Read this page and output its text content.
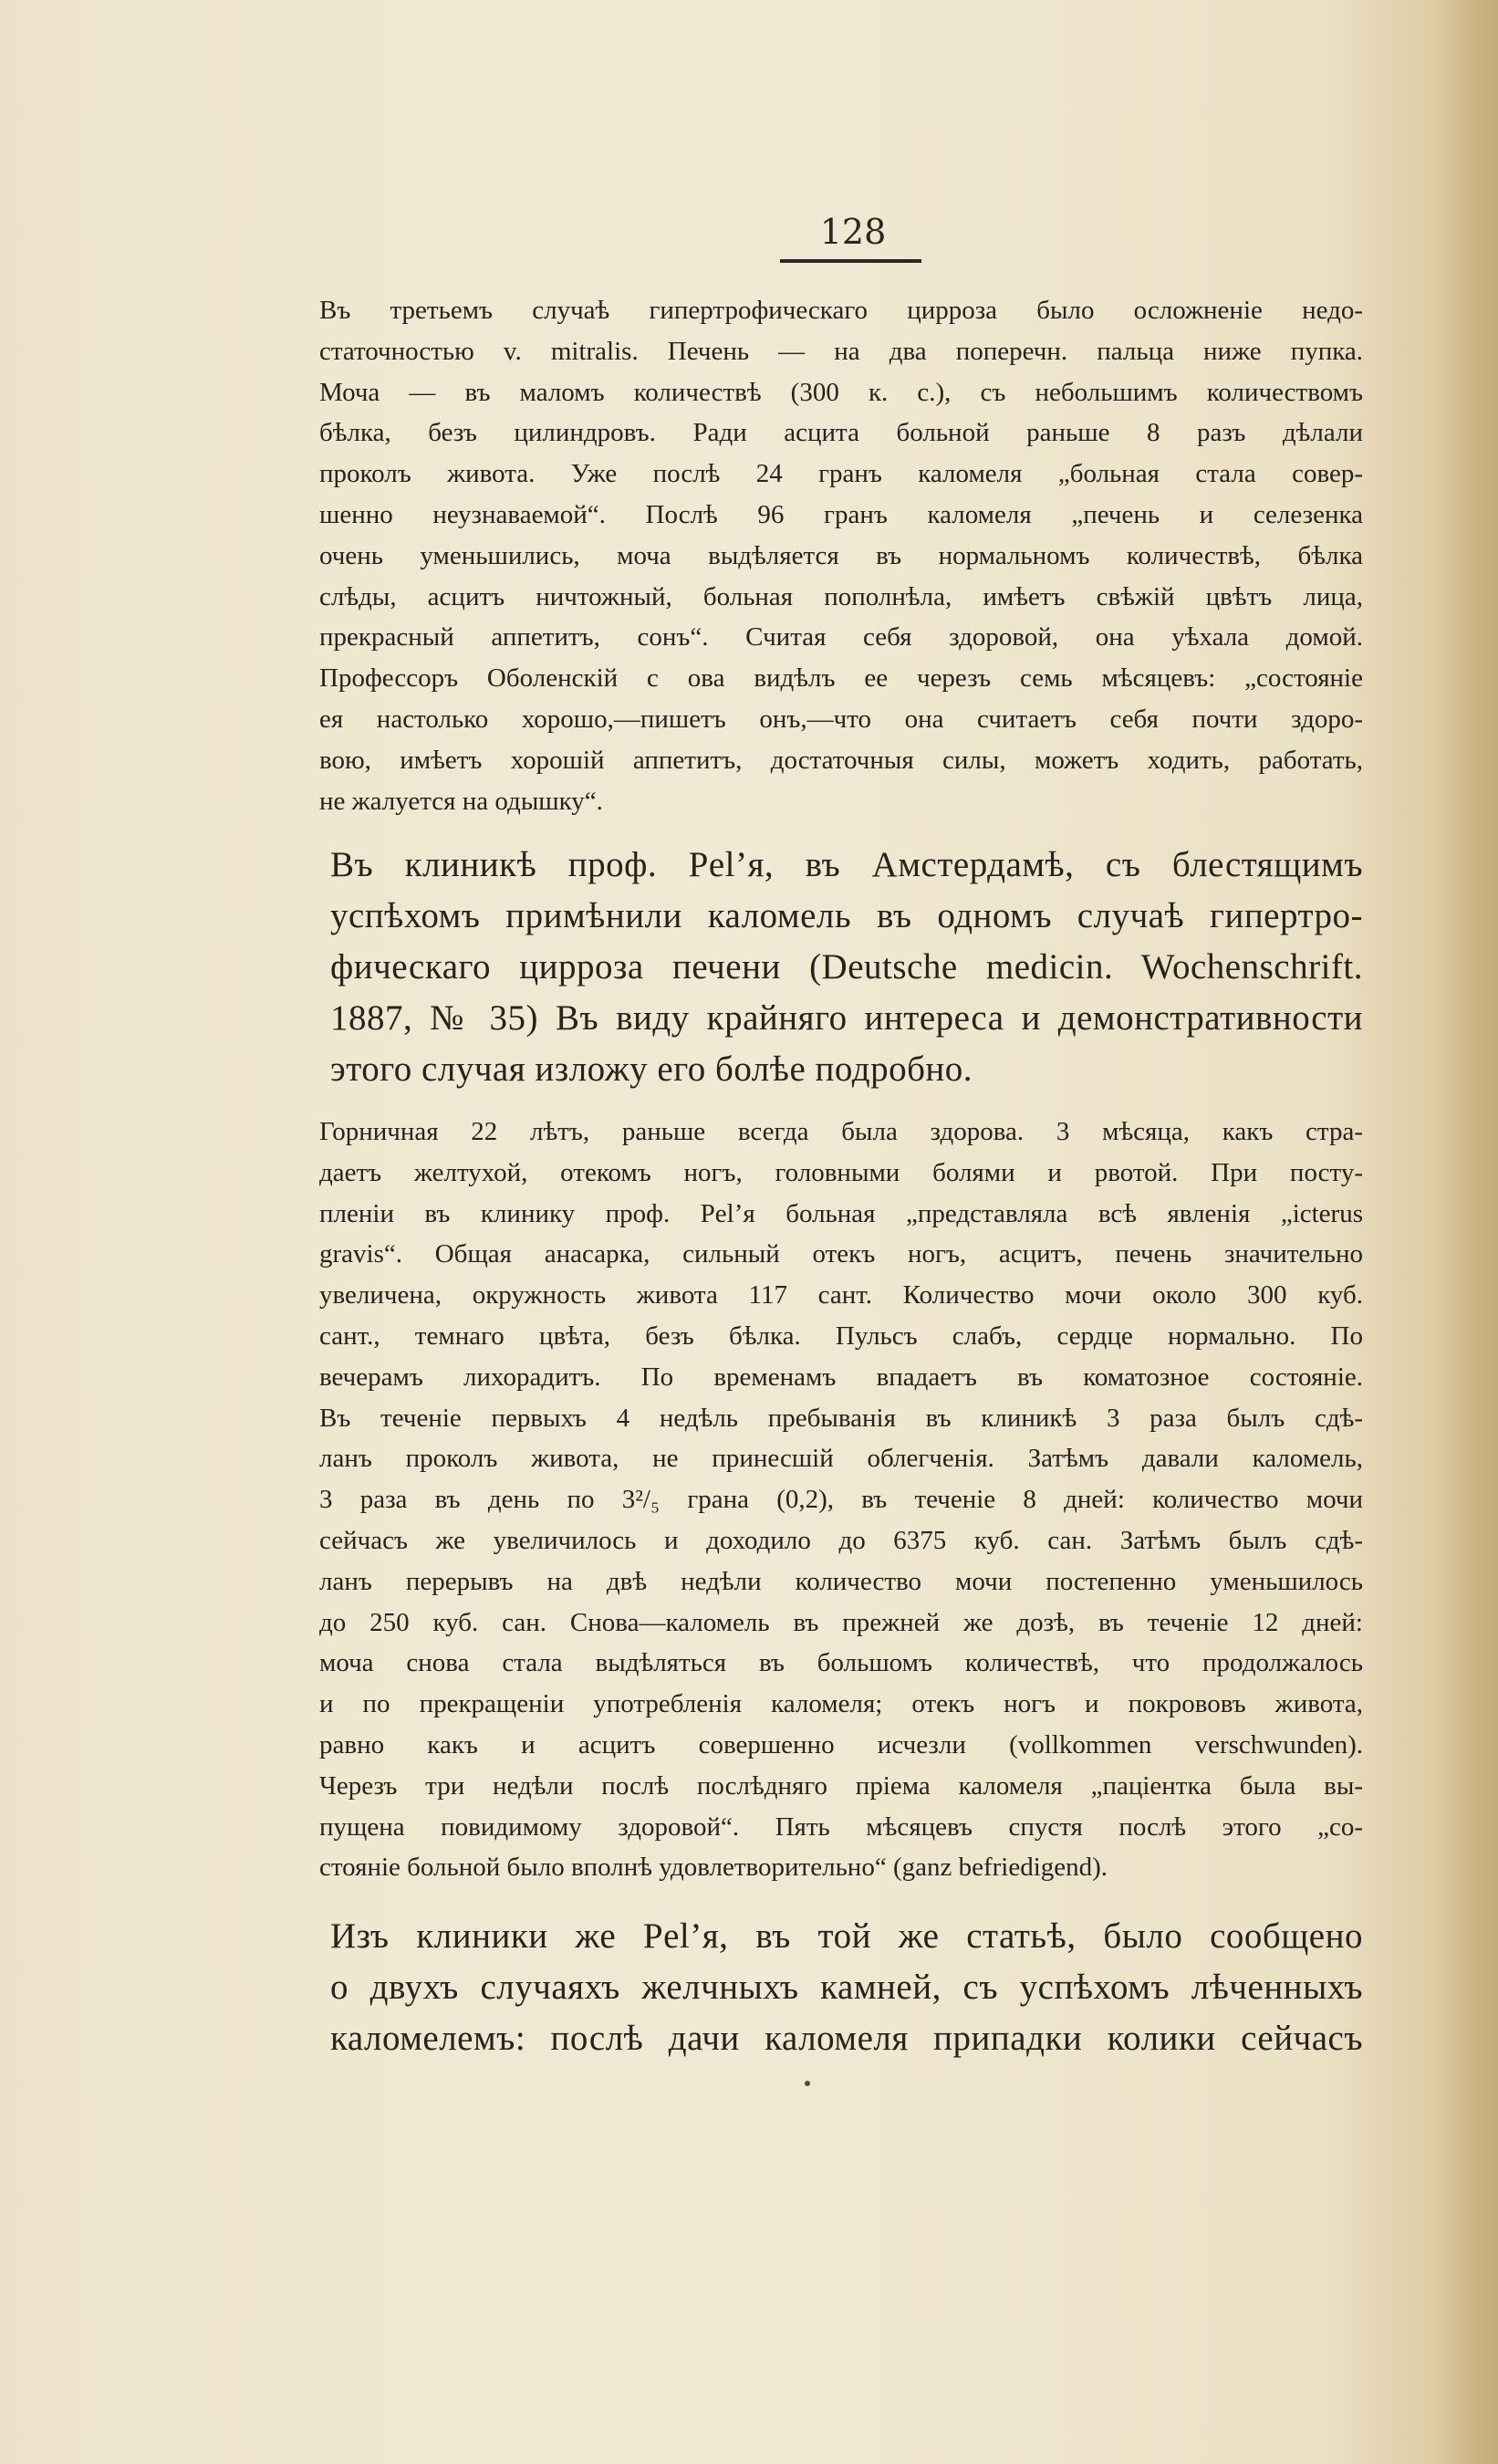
128
Въ третьемъ случаѣ гипертрофическаго цирроза было осложненіе недо-
статочностью v. mitralis. Печень — на два поперечн. пальца ниже пупка.
Моча — въ маломъ количествѣ (300 к. с.), съ небольшимъ количествомъ
бѣлка, безъ цилиндровъ. Ради асцита больной раньше 8 разъ дѣлали
проколъ живота. Уже послѣ 24 гранъ каломеля „больная стала совер-
шенно неузнаваемой“. Послѣ 96 гранъ каломеля „печень и селезенка
очень уменьшились, моча выдѣляется въ нормальномъ количествѣ, бѣлка
слѣды, асцитъ ничтожный, больная пополнѣла, имѣетъ свѣжій цвѣтъ лица,
прекрасный аппетитъ, сонъ“. Считая себя здоровой, она уѣхала домой.
Профессоръ Оболенскій с ова видѣлъ ее черезъ семь мѣсяцевъ: „состояніе
ея настолько хорошо,—пишетъ онъ,—что она считаетъ себя почти здоро-
вою, имѣетъ хорошій аппетитъ, достаточныя силы, можетъ ходить, работать,
не жалуется на одышку“.
Въ клиникѣ проф. Pel’я, въ Амстердамѣ, съ блестящимъ
успѣхомъ примѣнили каломель въ одномъ случаѣ гипертро-
фическаго цирроза печени (Deutsche medicin. Wochenschrift.
1887, № 35) Въ виду крайняго интереса и демонстративности
этого случая изложу его болѣе подробно.
Горничная 22 лѣтъ, раньше всегда была здорова. 3 мѣсяца, какъ стра-
даетъ желтухой, отекомъ ногъ, головными болями и рвотой. При посту-
пленіи въ клинику проф. Pel’я больная „представляла всѣ явленія „icterus
gravis“. Общая анасарка, сильный отекъ ногъ, асцитъ, печень значительно
увеличена, окружность живота 117 сант. Количество мочи около 300 куб.
сант., темнаго цвѣта, безъ бѣлка. Пульсъ слабъ, сердце нормально. По
вечерамъ лихорадитъ. По временамъ впадаетъ въ коматозное состояніе.
Въ теченіе первыхъ 4 недѣль пребыванія въ клиникѣ 3 раза былъ сдѣ-
ланъ проколъ живота, не принесшій облегченія. Затѣмъ давали каломель,
3 раза въ день по 3²/₅ грана (0,2), въ теченіе 8 дней: количество мочи
сейчасъ же увеличилось и доходило до 6375 куб. сан. Затѣмъ былъ сдѣ-
ланъ перерывъ на двѣ недѣли количество мочи постепенно уменьшилось
до 250 куб. сан. Снова—каломель въ прежней же дозѣ, въ теченіе 12 дней:
моча снова стала выдѣляться въ большомъ количествѣ, что продолжалось
и по прекращеніи употребленія каломеля; отекъ ногъ и покрововъ живота,
равно какъ и асцитъ совершенно исчезли (vollkommen verschwunden).
Черезъ три недѣли послѣ послѣдняго пріема каломеля „паціентка была вы-
пущена повидимому здоровой“. Пять мѣсяцевъ спустя послѣ этого „со-
стояніе больной было вполнѣ удовлетворительно“ (ganz befriedigend).
Изъ клиники же Pel’я, въ той же статьѣ, было сообщено
о двухъ случаяхъ желчныхъ камней, съ успѣхомъ лѣченныхъ
каломелемъ: послѣ дачи каломеля припадки колики сейчасъ
